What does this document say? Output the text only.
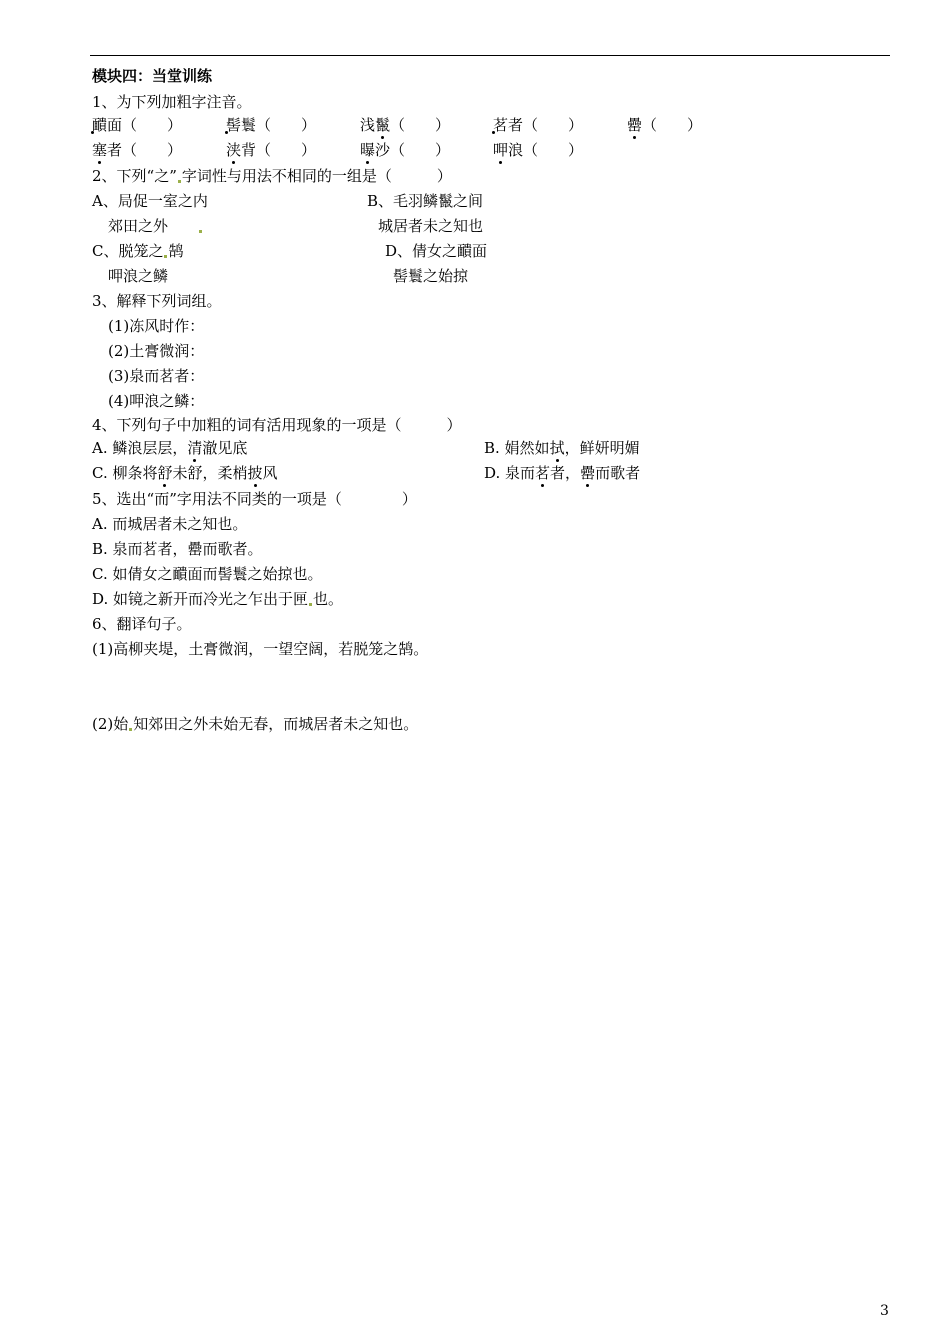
模块四：当堂训练
1、为下列加粗字注音。
靧面（　　）	髻鬟（　　）	浅鬣（　　）	茗者（　　）	罍（　　）
塞者（　　）	浃背（　　）	曝沙（　　）	呷浪（　　）
2、下列“之” 字词性与用法不相同的一组是（　　　）
A、局促一室之内	B、毛羽鳞鬣之间
郊田之外	城居者未之知也
C、脱笼之 鹄	D、倩女之靧面
呷浪之鳞	髻鬟之始掠
3、解释下列词组。
(1)冻风时作：
(2)土膏微润：
(3)泉而茗者：
(4)呷浪之鳞：
4、下列句子中加粗的词有活用现象的一项是（　　　）
A. 鳞浪层层，清澈见底	B. 娟然如拭，鲜妍明媚
C. 柳条将舒未舒，柔梢披风	D. 泉而茗者，罍而歌者
5、选出“而”字用法不同类的一项是（　　　　）
A. 而城居者未之知也。
B. 泉而茗者，罍而歌者。
C. 如倩女之靧面而髻鬟之始掠也。
D. 如镜之新开而冷光之乍出于匣 也。
6、翻译句子。
(1)高柳夹堤，土膏微润，一望空阔，若脱笼之鹄。
(2)始 知郊田之外未始无春，而城居者未之知也。
3
